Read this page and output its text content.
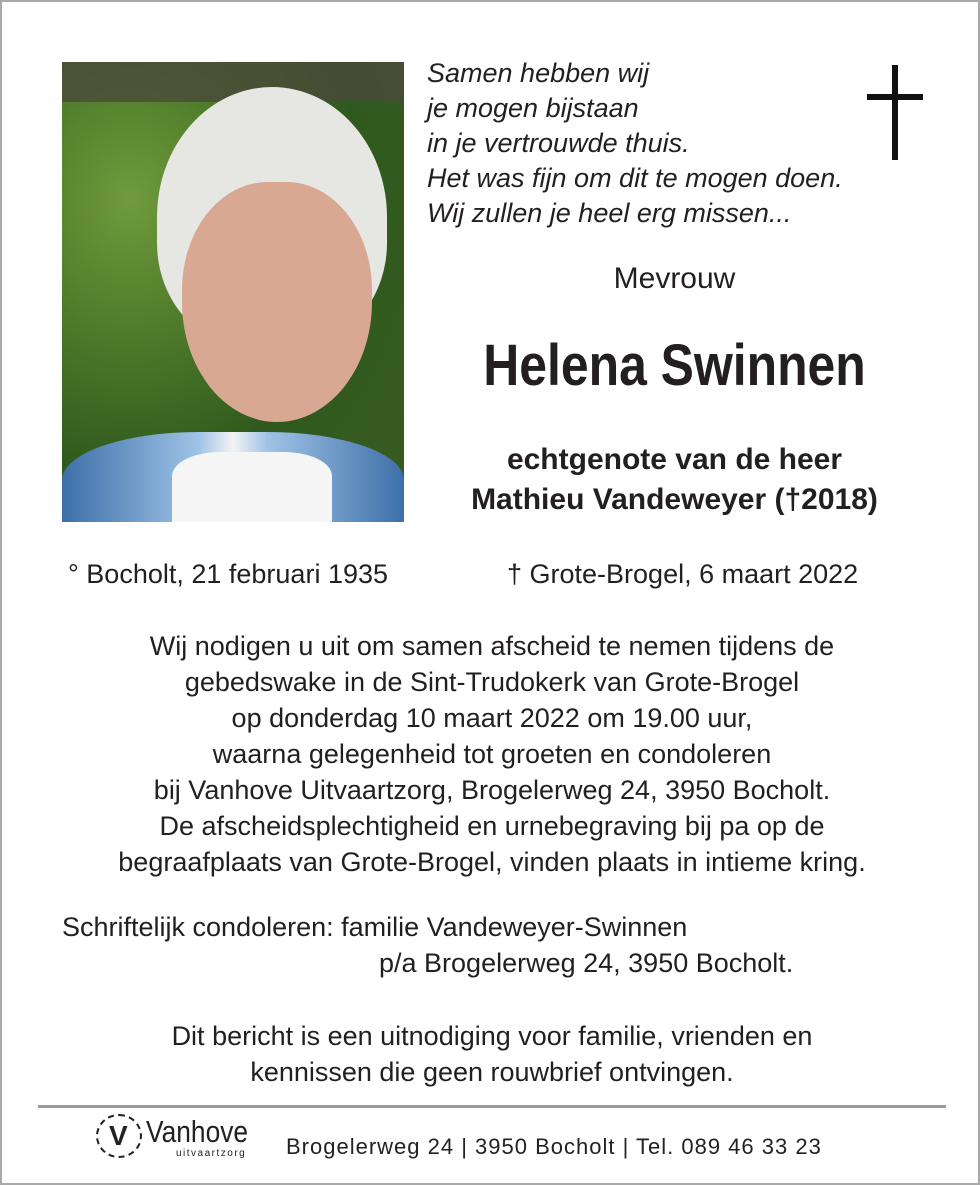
Samen hebben wij
je mogen bijstaan
in je vertrouwde thuis.
Het was fijn om dit te mogen doen.
Wij zullen je heel erg missen...
Mevrouw
Helena Swinnen
echtgenote van de heer
Mathieu Vandeweyer (†2018)
° Bocholt, 21 februari 1935	† Grote-Brogel, 6 maart 2022
Wij nodigen u uit om samen afscheid te nemen tijdens de
gebedswake in de Sint-Trudokerk van Grote-Brogel
op donderdag 10 maart 2022 om 19.00 uur,
waarna gelegenheid tot groeten en condoleren
bij Vanhove Uitvaartzorg, Brogelerweg 24, 3950 Bocholt.
De afscheidsplechtigheid en urnebegraving bij pa op de
begraafplaats van Grote-Brogel, vinden plaats in intieme kring.
Schriftelijk condoleren: familie Vandeweyer-Swinnen
p/a Brogelerweg 24, 3950 Bocholt.
Dit bericht is een uitnodiging voor familie, vrienden en
kennissen die geen rouwbrief ontvingen.
V Vanhove
uitvaartzorg Brogelerweg 24 | 3950 Bocholt | Tel. 089 46 33 23
